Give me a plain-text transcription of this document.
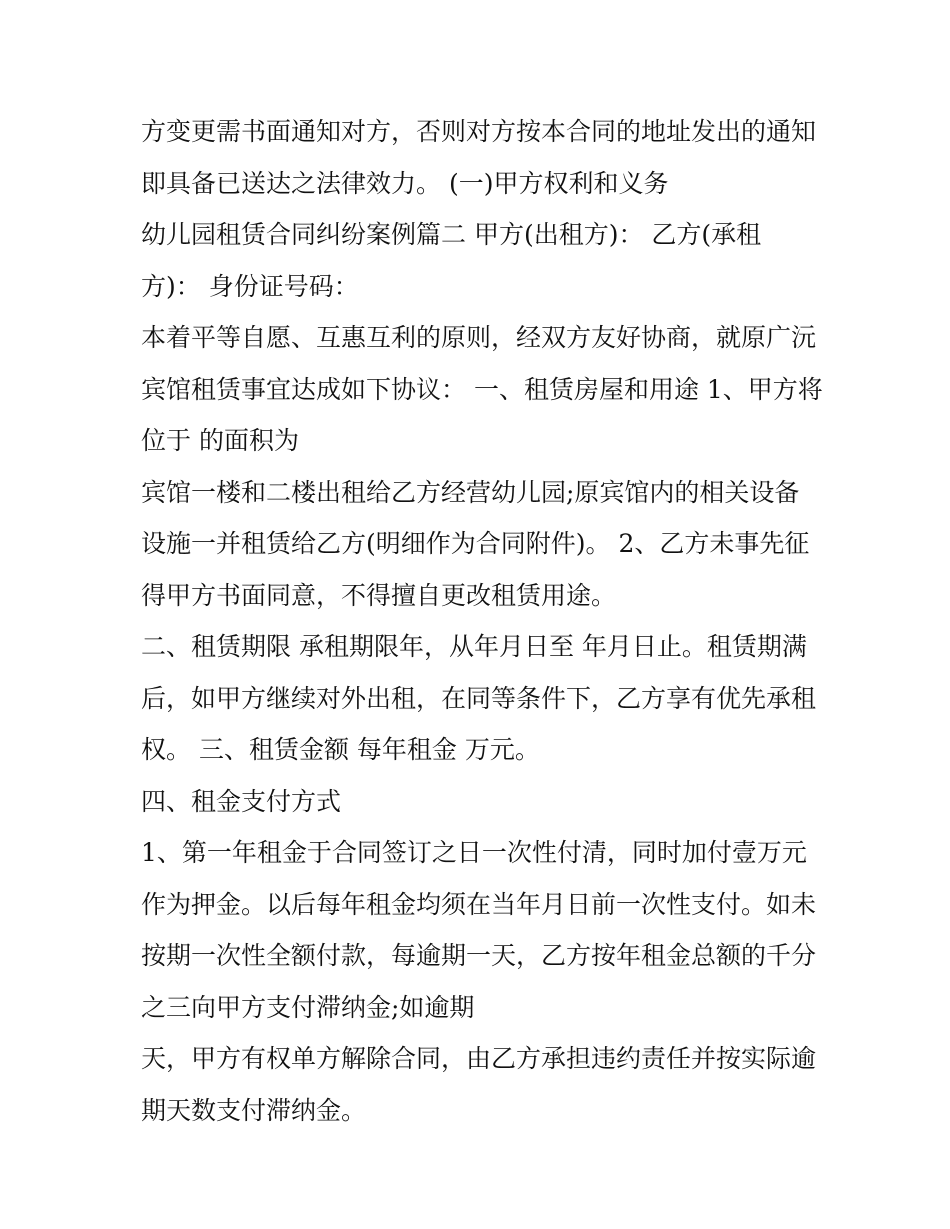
方变更需书面通知对方，否则对方按本合同的地址发出的通知
即具备已送达之法律效力。 (一)甲方权利和义务
幼儿园租赁合同纠纷案例篇二 甲方(出租方)： 乙方(承租
方)： 身份证号码：
本着平等自愿、互惠互利的原则，经双方友好协商，就原广沅
宾馆租赁事宜达成如下协议： 一、租赁房屋和用途 1、甲方将
位于 的面积为
宾馆一楼和二楼出租给乙方经营幼儿园;原宾馆内的相关设备
设施一并租赁给乙方(明细作为合同附件)。 2、乙方未事先征
得甲方书面同意，不得擅自更改租赁用途。
二、租赁期限 承租期限年，从年月日至 年月日止。租赁期满
后，如甲方继续对外出租，在同等条件下，乙方享有优先承租
权。 三、租赁金额 每年租金 万元。
四、租金支付方式
1、第一年租金于合同签订之日一次性付清，同时加付壹万元
作为押金。以后每年租金均须在当年月日前一次性支付。如未
按期一次性全额付款，每逾期一天，乙方按年租金总额的千分
之三向甲方支付滞纳金;如逾期
天，甲方有权单方解除合同，由乙方承担违约责任并按实际逾
期天数支付滞纳金。
